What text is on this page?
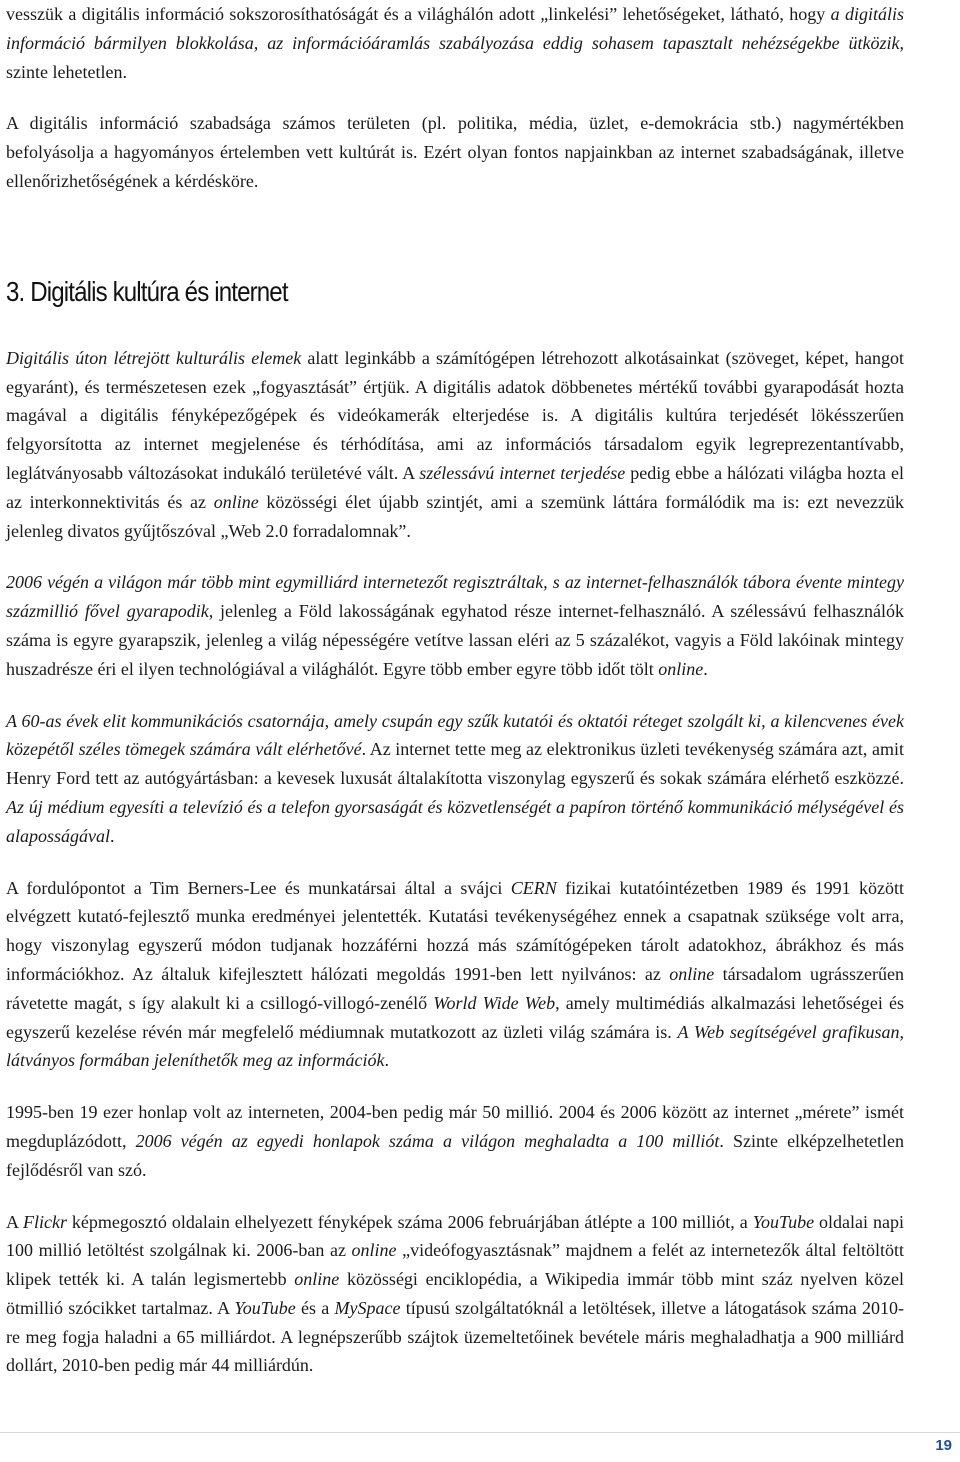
vesszük a digitális információ sokszorosíthatóságát és a világhálón adott „linkelési” lehetőségeket, látható, hogy a digitális információ bármilyen blokkolása, az információáramlás szabályozása eddig sohasem tapasztalt nehézségekbe ütközik, szinte lehetetlen.

A digitális információ szabadsága számos területen (pl. politika, média, üzlet, e-demokrácia stb.) nagymértékben befolyásolja a hagyományos értelemben vett kultúrát is. Ezért olyan fontos napjainkban az internet szabadságának, illetve ellenőrizhetőségének a kérdésköre.

3. Digitális kultúra és internet

Digitális úton létrejött kulturális elemek alatt leginkább a számítógépen létrehozott alkotásainkat (szöveget, képet, hangot egyaránt), és természetesen ezek „fogyasztását” értjük. A digitális adatok döbbenetes mértékű további gyarapodását hozta magával a digitális fényképezőgépek és videókamerák elterjedése is. A digitális kultúra terjedését lökésszerűen felgyorsította az internet megjelenése és térhódítása, ami az információs társadalom egyik legreprezentantívabb, leglátványosabb változásokat indukáló területévé vált. A szélessávú internet terjedése pedig ebbe a hálózati világba hozta el az interkonnektivitás és az online közösségi élet újabb szintjét, ami a szemünk láttára formálódik ma is: ezt nevezzük jelenleg divatos gyűjtőszóval „Web 2.0 forradalomnak”.

2006 végén a világon már több mint egymilliárd internetezőt regisztráltak, s az internet-felhasználók tábora évente mintegy százmillió fővel gyarapodik, jelenleg a Föld lakosságának egyhatod része internet-felhasználó. A szélessávú felhasználók száma is egyre gyarapszik, jelenleg a világ népességére vetítve lassan eléri az 5 százalékot, vagyis a Föld lakóinak mintegy huszadrésze éri el ilyen technológiával a világhálót. Egyre több ember egyre több időt tölt online.

A 60-as évek elit kommunikációs csatornája, amely csupán egy szűk kutatói és oktatói réteget szolgált ki, a kilencvenes évek közepétől széles tömegek számára vált elérhetővé. Az internet tette meg az elektronikus üzleti tevékenység számára azt, amit Henry Ford tett az autógyártásban: a kevesek luxusát általakította viszonylag egyszerű és sokak számára elérhető eszközzé. Az új médium egyesíti a televízió és a telefon gyorsaságát és közvetlenségét a papíron történő kommunikáció mélységével és alaposságával.

A fordulópontot a Tim Berners-Lee és munkatársai által a svájci CERN fizikai kutatóintézetben 1989 és 1991 között elvégzett kutató-fejlesztő munka eredményei jelentették. Kutatási tevékenységéhez ennek a csapatnak szüksége volt arra, hogy viszonylag egyszerű módon tudjanak hozzáférni hozzá más számítógépeken tárolt adatokhoz, ábrákhoz és más információkhoz. Az általuk kifejlesztett hálózati megoldás 1991-ben lett nyilvános: az online társadalom ugrásszerűen rávetette magát, s így alakult ki a csillogó-villogó-zenélő World Wide Web, amely multimédiás alkalmazási lehetőségei és egyszerű kezelése révén már megfelelő médiumnak mutatkozott az üzleti világ számára is. A Web segítségével grafikusan, látványos formában jeleníthetők meg az információk.

1995-ben 19 ezer honlap volt az interneten, 2004-ben pedig már 50 millió. 2004 és 2006 között az internet „mérete” ismét megduplázódott, 2006 végén az egyedi honlapok száma a világon meghaladta a 100 milliót. Szinte elképzelhetetlen fejlődésről van szó.

A Flickr képmegosztó oldalain elhelyezett fényképek száma 2006 februárjában átlépte a 100 milliót, a YouTube oldalai napi 100 millió letöltést szolgálnak ki. 2006-ban az online „videófogyasztásnak” majdnem a felét az internetezők által feltöltött klipek tették ki. A talán legismertebb online közösségi enciklopédia, a Wikipedia immár több mint száz nyelven közel ötmillió szócikket tartalmaz. A YouTube és a MySpace típusú szolgáltatóknál a letöltések, illetve a látogatások száma 2010-re meg fogja haladni a 65 milliárdot. A legnépszerűbb szájtok üzemeltetőinek bevétele máris meghaladhatja a 900 milliárd dollárt, 2010-ben pedig már 44 milliárdún.

19
